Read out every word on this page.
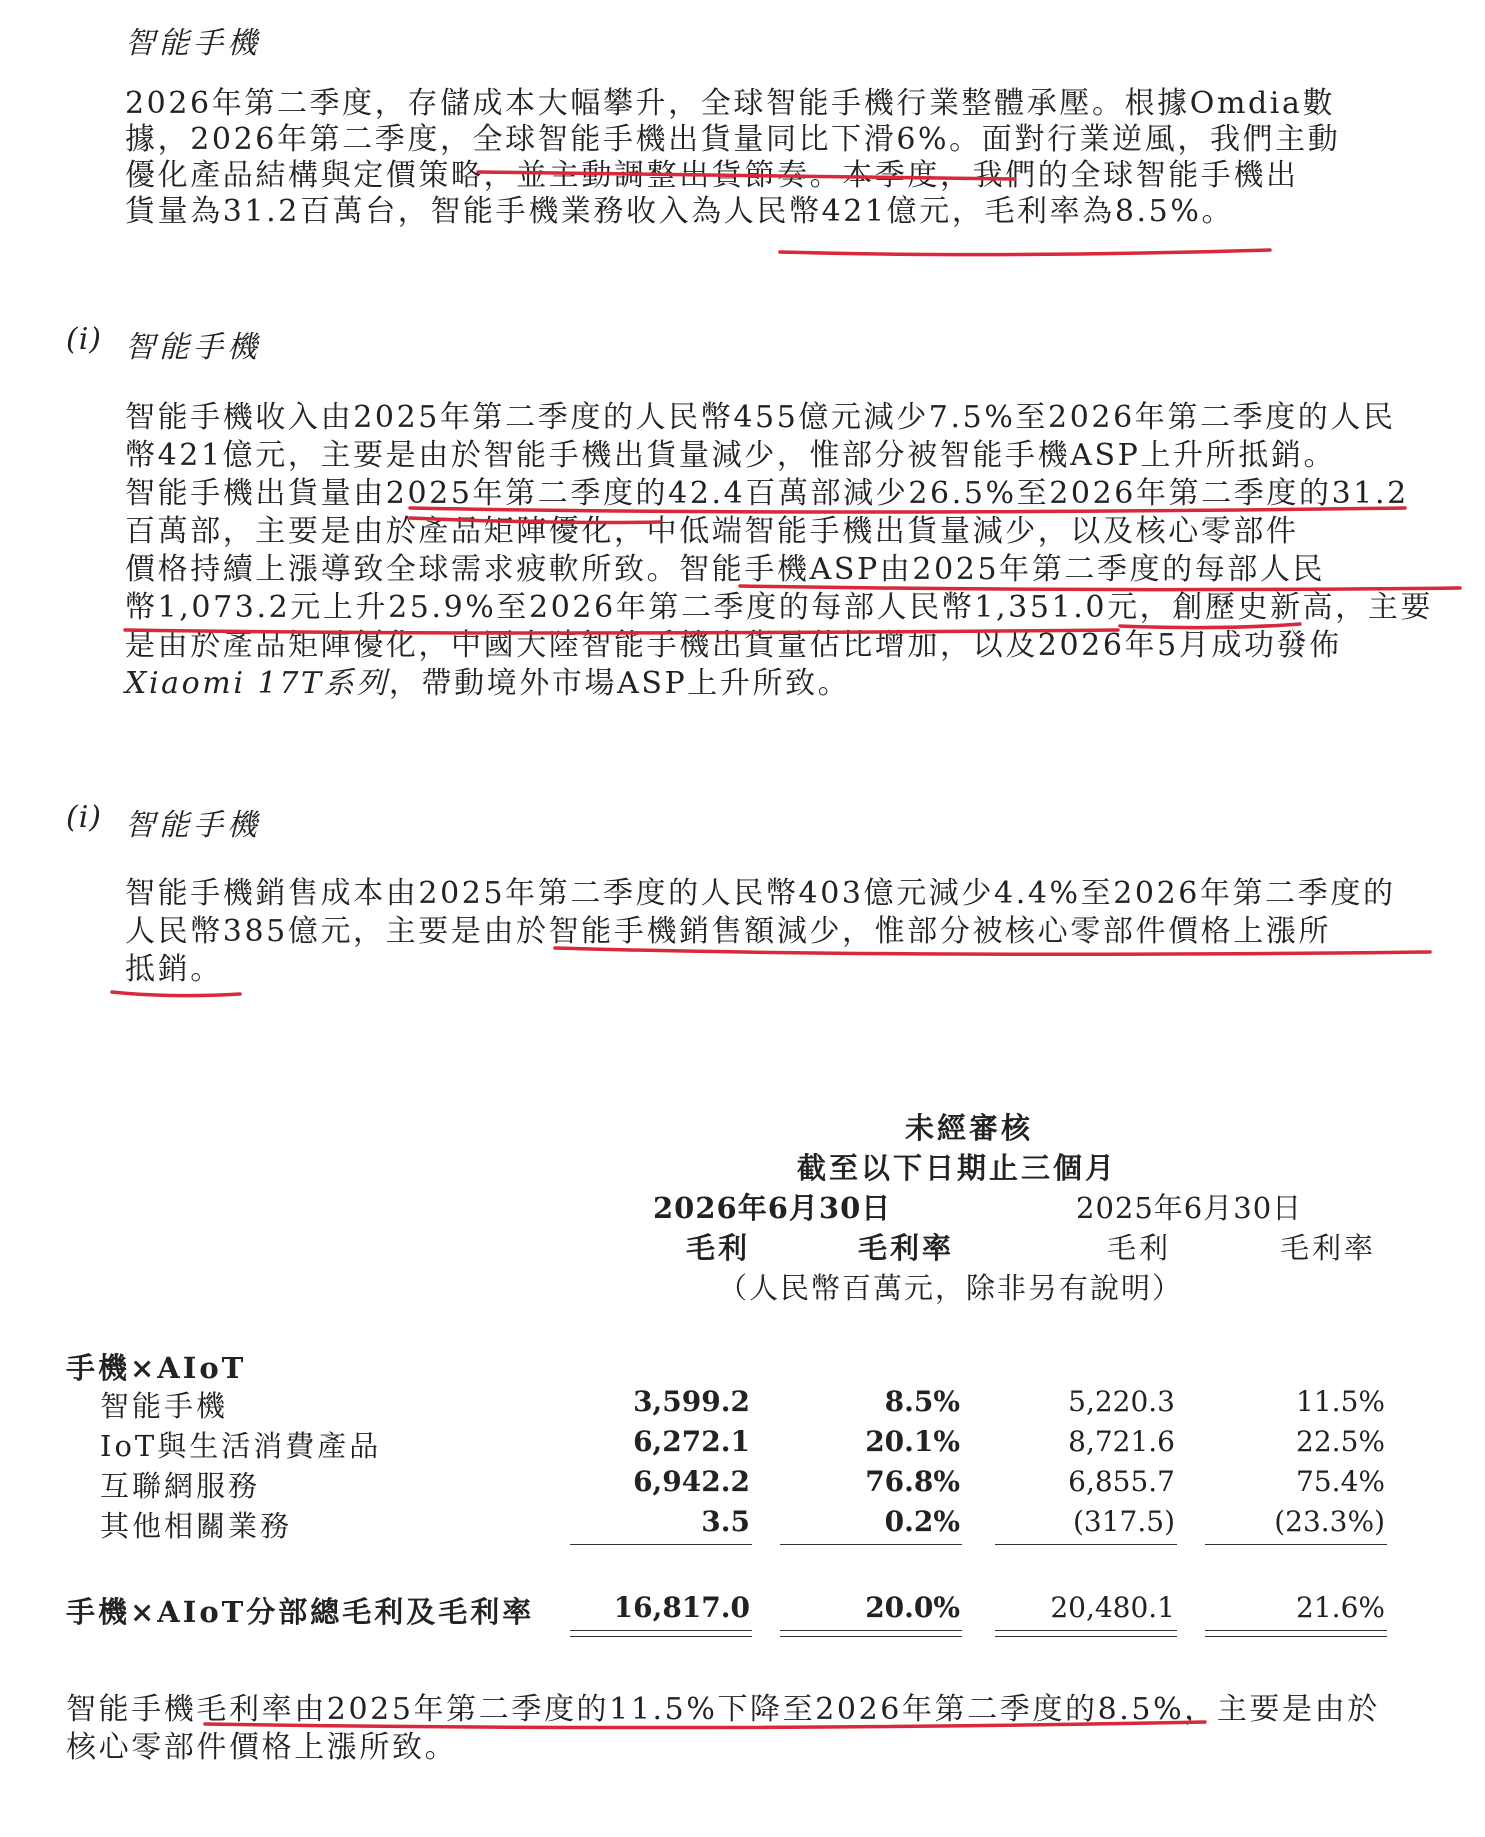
智能手機
2026年第二季度，存儲成本大幅攀升，全球智能手機行業整體承壓。根據Omdia數
據，2026年第二季度，全球智能手機出貨量同比下滑6%。面對行業逆風，我們主動
優化產品結構與定價策略，並主動調整出貨節奏。本季度，我們的全球智能手機出
貨量為31.2百萬台，智能手機業務收入為人民幣421億元，毛利率為8.5%。
(i) 智能手機
智能手機收入由2025年第二季度的人民幣455億元減少7.5%至2026年第二季度的人民
幣421億元，主要是由於智能手機出貨量減少，惟部分被智能手機ASP上升所抵銷。
智能手機出貨量由2025年第二季度的42.4百萬部減少26.5%至2026年第二季度的31.2
百萬部，主要是由於產品矩陣優化，中低端智能手機出貨量減少，以及核心零部件
價格持續上漲導致全球需求疲軟所致。智能手機ASP由2025年第二季度的每部人民
幣1,073.2元上升25.9%至2026年第二季度的每部人民幣1,351.0元，創歷史新高，主要
是由於產品矩陣優化，中國大陸智能手機出貨量佔比增加，以及2026年5月成功發佈
Xiaomi 17T系列，帶動境外市場ASP上升所致。
(i) 智能手機
智能手機銷售成本由2025年第二季度的人民幣403億元減少4.4%至2026年第二季度的
人民幣385億元，主要是由於智能手機銷售額減少，惟部分被核心零部件價格上漲所
抵銷。
未經審核
截至以下日期止三個月
2026年6月30日	2025年6月30日
毛利	毛利率	毛利	毛利率
（人民幣百萬元，除非另有說明）
手機×AIoT
智能手機	3,599.2	8.5%	5,220.3	11.5%
IoT與生活消費產品	6,272.1	20.1%	8,721.6	22.5%
互聯網服務	6,942.2	76.8%	6,855.7	75.4%
其他相關業務	3.5	0.2%	(317.5)	(23.3%)
手機×AIoT分部總毛利及毛利率	16,817.0	20.0%	20,480.1	21.6%
智能手機毛利率由2025年第二季度的11.5%下降至2026年第二季度的8.5%，主要是由於
核心零部件價格上漲所致。
